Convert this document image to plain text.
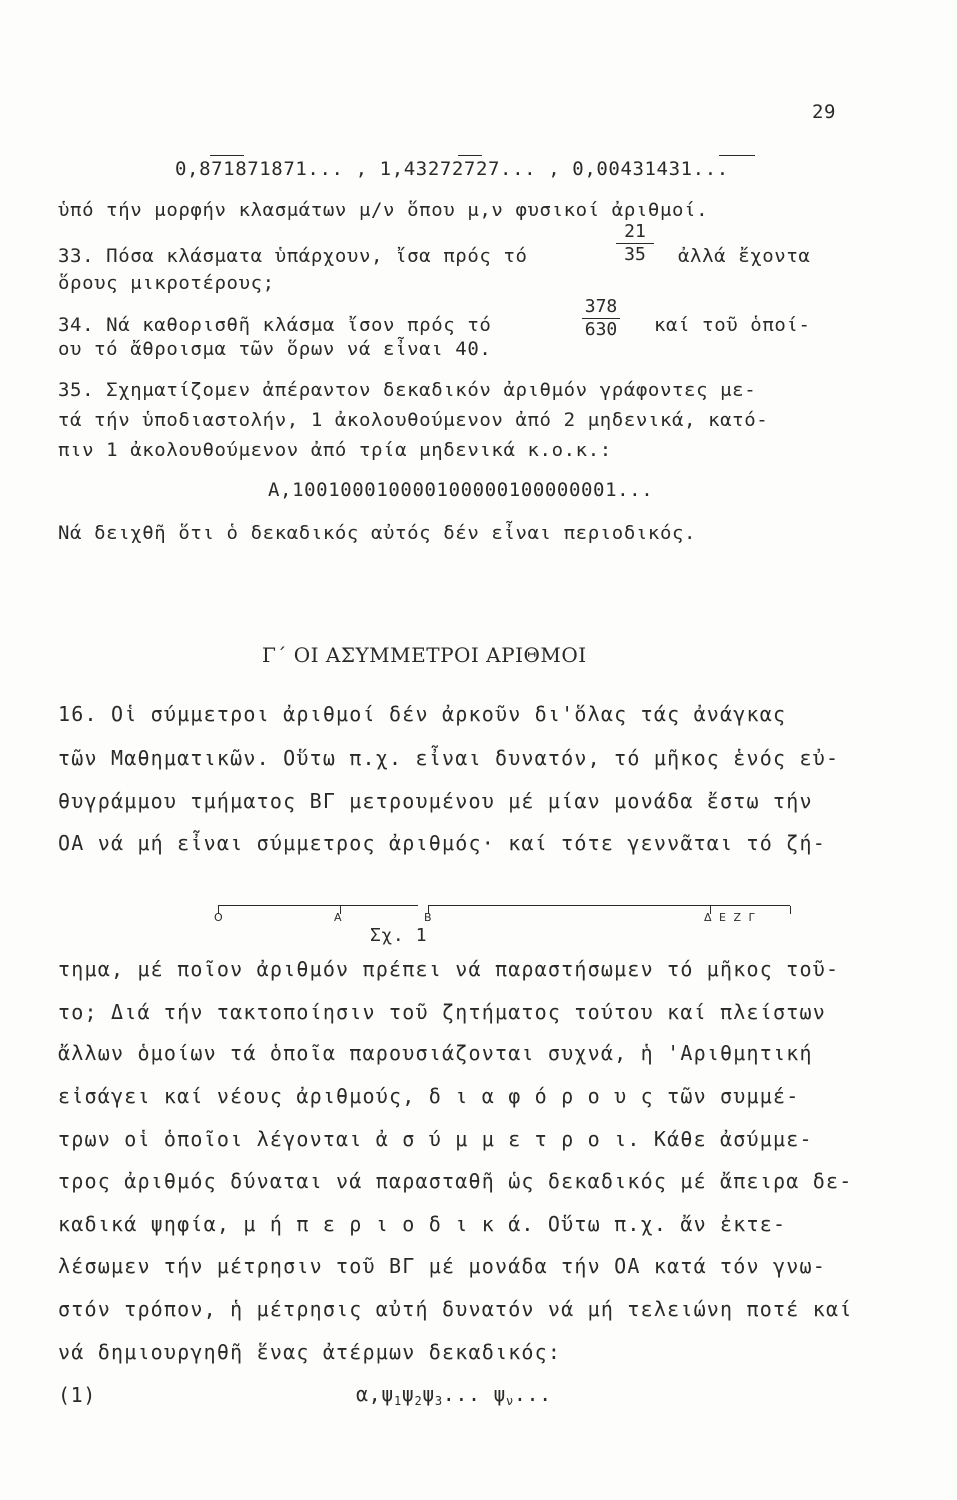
29
0,871871871... , 1,43272727... , 0,00431431...
ὑπό τήν μορφήν κλασμάτων μ/ν ὅπου μ,ν φυσικοί ἀριθμοί.
33. Πόσα κλάσματα ὑπάρχουν, ἴσα πρός τό
21
35 ἀλλά ἔχοντα
ὅρους μικροτέρους;
34. Νά καθορισθῆ κλάσμα ἴσον πρός τό
378
630 καί τοῦ ὁποί-
ου τό ἄθροισμα τῶν ὅρων νά εἶναι 40.
35. Σχηματίζομεν ἀπέραντον δεκαδικόν ἀριθμόν γράφοντες με-
τά τήν ὑποδιαστολήν, 1 ἀκολουθούμενον ἀπό 2 μηδενικά, κατό-
πιν 1 ἀκολουθούμενον ἀπό τρία μηδενικά κ.ο.κ.:
Α,100100010000100000100000001...
Νά δειχθῆ ὅτι ὁ δεκαδικός αὐτός δέν εἶναι περιοδικός.
Γ΄ ΟΙ ΑΣΥΜΜΕΤΡΟΙ ΑΡΙΘΜΟΙ
16. Οἱ σύμμετροι ἀριθμοί δέν ἀρκοῦν δι'ὅλας τάς ἀνάγκας
τῶν Μαθηματικῶν. Οὕτω π.χ. εἶναι δυνατόν, τό μῆκος ἑνός εὐ-
θυγράμμου τμήματος ΒΓ μετρουμένου μέ μίαν μονάδα ἔστω τήν
ΟΑ νά μή εἶναι σύμμετρος ἀριθμός· καί τότε γεννᾶται τό ζή-
Ο	Α	Β	Δ Ε Ζ Γ
Σχ. 1
τημα, μέ ποῖον ἀριθμόν πρέπει νά παραστήσωμεν τό μῆκος τοῦ-
το; Διά τήν τακτοποίησιν τοῦ ζητήματος τούτου καί πλείστων
ἄλλων ὁμοίων τά ὁποῖα παρουσιάζονται συχνά, ἡ 'Αριθμητική
εἰσάγει καί νέους ἀριθμούς, δ ι α φ ό ρ ο υ ς τῶν συμμέ-
τρων οἱ ὁποῖοι λέγονται ἀ σ ύ μ μ ε τ ρ ο ι. Κάθε ἀσύμμε-
τρος ἀριθμός δύναται νά παρασταθῆ ὡς δεκαδικός μέ ἄπειρα δε-
καδικά ψηφία, μ ή π ε ρ ι ο δ ι κ ά. Οὕτω π.χ. ἄν ἐκτε-
λέσωμεν τήν μέτρησιν τοῦ ΒΓ μέ μονάδα τήν ΟΑ κατά τόν γνω-
στόν τρόπον, ἡ μέτρησις αὐτή δυνατόν νά μή τελειώνη ποτέ καί
νά δημιουργηθῆ ἕνας ἀτέρμων δεκαδικός:
(1)	$\alpha,\psi_1\psi_2\psi_3$... $\psi_\nu$...
